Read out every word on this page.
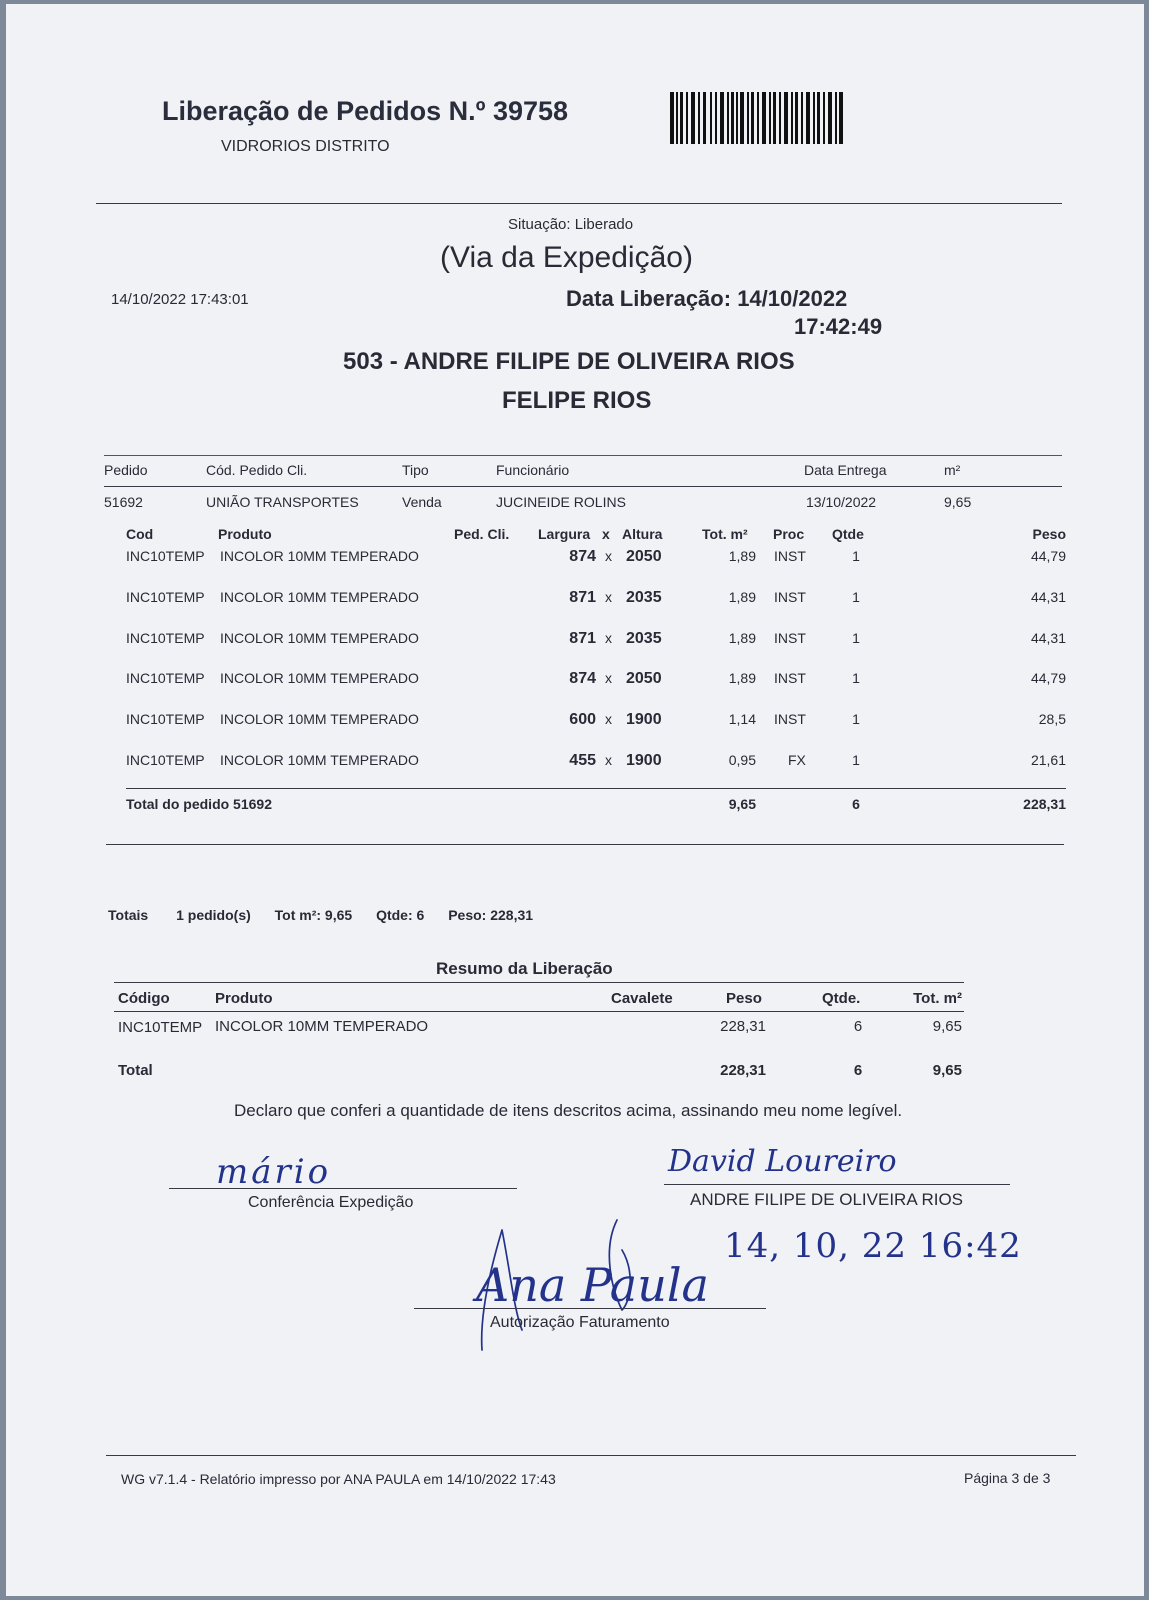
Liberação de Pedidos N.º 39758
VIDRORIOS DISTRITO
Situação: Liberado
(Via da Expedição)
14/10/2022 17:43:01	Data Liberação: 14/10/2022
17:42:49
503 - ANDRE FILIPE DE OLIVEIRA RIOS
FELIPE RIOS
Pedido	Cód. Pedido Cli.	Tipo	Funcionário	Data Entrega	m²
51692	UNIÃO TRANSPORTES	Venda	JUCINEIDE ROLINS	13/10/2022	9,65
Cod	Produto	Ped. Cli. Largura x Altura	Tot. m² Proc Qtde	Peso
INC10TEMP INCOLOR 10MM TEMPERADO	874 x 2050	1,89 INST	1	44,79
INC10TEMP INCOLOR 10MM TEMPERADO	871 x 2035	1,89 INST	1	44,31
INC10TEMP INCOLOR 10MM TEMPERADO	871 x 2035	1,89 INST	1	44,31
INC10TEMP INCOLOR 10MM TEMPERADO	874 x 2050	1,89 INST	1	44,79
INC10TEMP INCOLOR 10MM TEMPERADO	600 x 1900	1,14 INST	1	28,5
INC10TEMP INCOLOR 10MM TEMPERADO	455 x 1900	0,95 FX	1	21,61
Total do pedido 51692	9,65	6	228,31
Totais 1 pedido(s) Tot m²: 9,65 Qtde: 6 Peso: 228,31
Resumo da Liberação
Código	Produto	Cavalete	Peso	Qtde.	Tot. m²
INC10TEMP INCOLOR 10MM TEMPERADO	228,31	6	9,65
Total	228,31	6	9,65
Declaro que conferi a quantidade de itens descritos acima, assinando meu nome legível.
mário
Conferência Expedição
David Loureiro
ANDRE FILIPE DE OLIVEIRA RIOS
14, 10, 22 16:42
Ana Paula
Autorização Faturamento
WG v7.1.4 - Relatório impresso por ANA PAULA em 14/10/2022 17:43	Página 3 de 3
